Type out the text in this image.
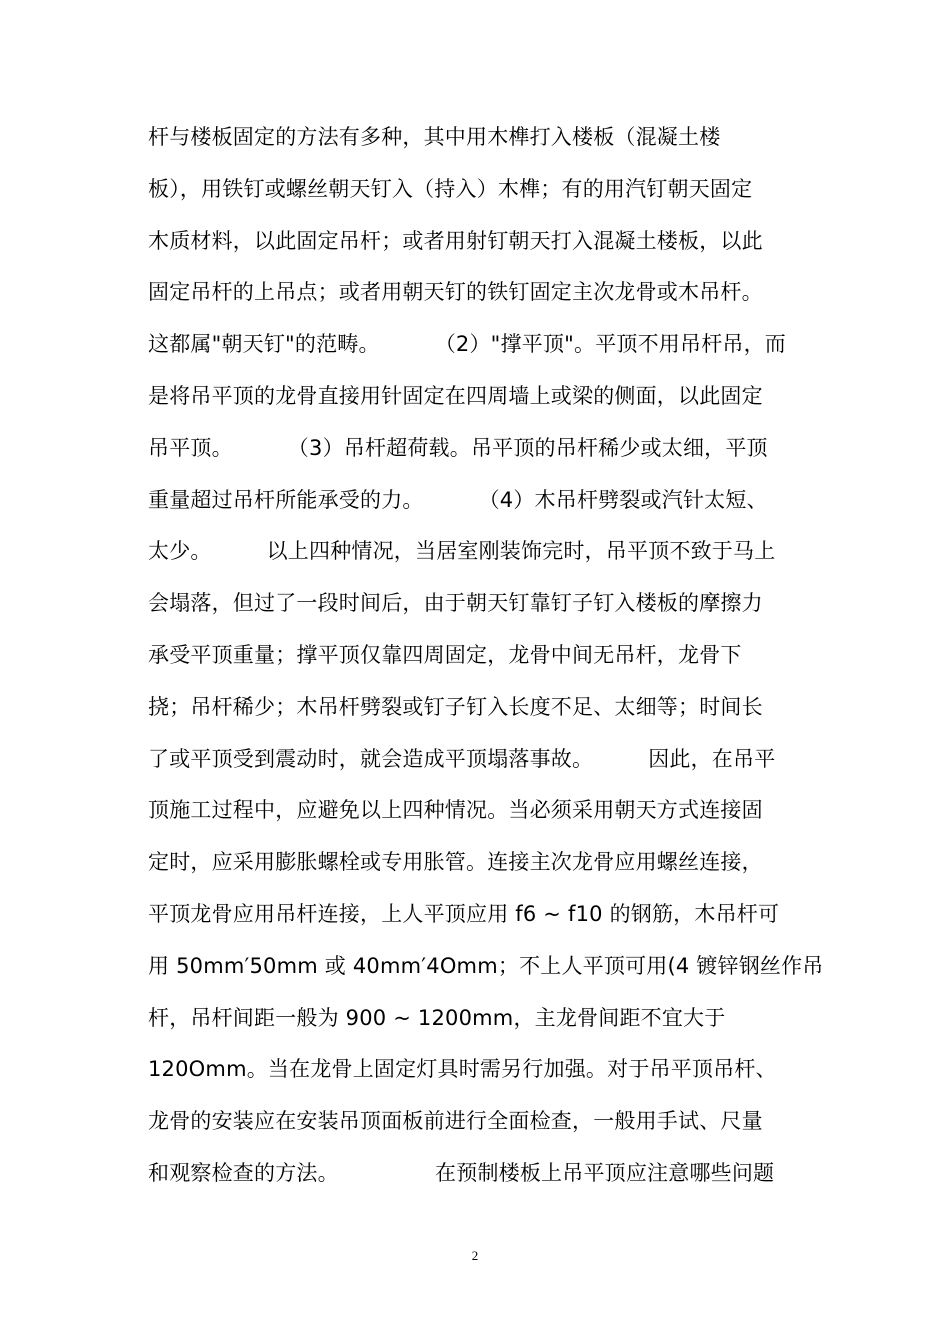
杆与楼板固定的方法有多种，其中用木榫打入楼板（混凝土楼
板），用铁钉或螺丝朝天钉入（持入）木榫；有的用汽钉朝天固定
木质材料，以此固定吊杆；或者用射钉朝天打入混凝土楼板，以此
固定吊杆的上吊点；或者用朝天钉的铁钉固定主次龙骨或木吊杆。
这都属"朝天钉"的范畴。        （2）"撑平顶"。平顶不用吊杆吊，而
是将吊平顶的龙骨直接用针固定在四周墙上或梁的侧面，以此固定
吊平顶。        （3）吊杆超荷载。吊平顶的吊杆稀少或太细，平顶
重量超过吊杆所能承受的力。        （4）木吊杆劈裂或汽针太短、
太少。        以上四种情况，当居室刚装饰完时，吊平顶不致于马上
会塌落，但过了一段时间后，由于朝天钉靠钉子钉入楼板的摩擦力
承受平顶重量；撑平顶仅靠四周固定，龙骨中间无吊杆，龙骨下
挠；吊杆稀少；木吊杆劈裂或钉子钉入长度不足、太细等；时间长
了或平顶受到震动时，就会造成平顶塌落事故。        因此，在吊平
顶施工过程中，应避免以上四种情况。当必须采用朝天方式连接固
定时，应采用膨胀螺栓或专用胀管。连接主次龙骨应用螺丝连接，
平顶龙骨应用吊杆连接，上人平顶应用 f6 ~ f10 的钢筋，木吊杆可
用 50mm′50mm 或 40mm′4Omm；不上人平顶可用(4 镀锌钢丝作吊
杆，吊杆间距一般为 900 ~ 1200mm，主龙骨间距不宜大于
120Omm。当在龙骨上固定灯具时需另行加强。对于吊平顶吊杆、
龙骨的安装应在安装吊顶面板前进行全面检查，一般用手试、尺量
和观察检查的方法。              在预制楼板上吊平顶应注意哪些问题
2
